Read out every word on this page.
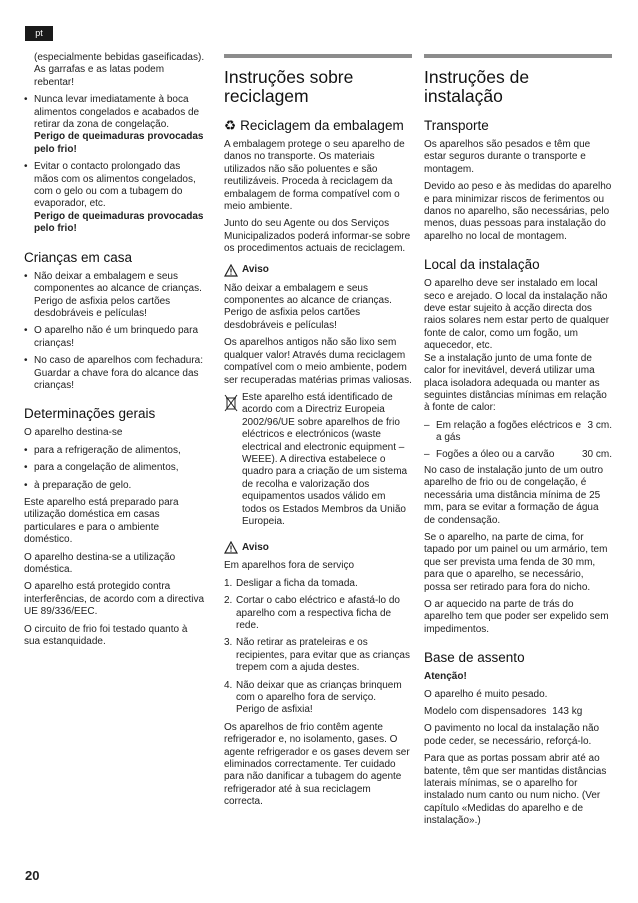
pt

(especialmente bebidas gaseificadas). As garrafas e as latas podem rebentar!

• Nunca levar imediatamente à boca alimentos congelados e acabados de retirar da zona de congelação.
Perigo de queimaduras provocadas pelo frio!
• Evitar o contacto prolongado das mãos com os alimentos congelados, com o gelo ou com a tubagem do evaporador, etc.
Perigo de queimaduras provocadas pelo frio!
Crianças em casa
• Não deixar a embalagem e seus componentes ao alcance de crianças.
Perigo de asfixia pelos cartões desdobráveis e películas!
• O aparelho não é um brinquedo para crianças!
• No caso de aparelhos com fechadura: Guardar a chave fora do alcance das crianças!
Determinações gerais

O aparelho destina-se

• para a refrigeração de alimentos,
• para a congelação de alimentos,
• à preparação de gelo.

Este aparelho está preparado para utilização doméstica em casas particulares e para o ambiente doméstico.

O aparelho destina-se a utilização doméstica.

O aparelho está protegido contra interferências, de acordo com a directiva UE 89/336/EEC.

O circuito de frio foi testado quanto à sua estanquidade.

Instruções sobre reciclagem
♻ Reciclagem da embalagem

A embalagem protege o seu aparelho de danos no transporte. Os materiais utilizados não são poluentes e são reutilizáveis. Proceda à reciclagem da embalagem de forma compatível com o meio ambiente.

Junto do seu Agente ou dos Serviços Municipalizados poderá informar-se sobre os procedimentos actuais de reciclagem.

Aviso

Não deixar a embalagem e seus componentes ao alcance de crianças. Perigo de asfixia pelos cartões desdobráveis e películas!

Os aparelhos antigos não são lixo sem qualquer valor! Através duma reciclagem compatível com o meio ambiente, podem ser recuperadas matérias primas valiosas.

Este aparelho está identificado de acordo com a Directriz Europeia 2002/96/UE sobre aparelhos de frio eléctricos e electrónicos (waste electrical and electronic equipment – WEEE). A directiva estabelece o quadro para a criação de um sistema de recolha e valorização dos equipamentos usados válido em todos os Estados Membros da União Europeia.

Aviso

Em aparelhos fora de serviço

1. Desligar a ficha da tomada.
2. Cortar o cabo eléctrico e afastá-lo do aparelho com a respectiva ficha de rede.
3. Não retirar as prateleiras e os recipientes, para evitar que as crianças trepem com a ajuda destes.
4. Não deixar que as crianças brinquem com o aparelho fora de serviço.
Perigo de asfixia!

Os aparelhos de frio contêm agente refrigerador e, no isolamento, gases. O agente refrigerador e os gases devem ser eliminados correctamente. Ter cuidado para não danificar a tubagem do agente refrigerador até à sua reciclagem correcta.

Instruções de instalação
Transporte

Os aparelhos são pesados e têm que estar seguros durante o transporte e montagem.

Devido ao peso e às medidas do aparelho e para minimizar riscos de ferimentos ou danos no aparelho, são necessárias, pelo menos, duas pessoas para instalação do aparelho no local de montagem.

Local da instalação

O aparelho deve ser instalado em local seco e arejado. O local da instalação não deve estar sujeito à acção directa dos raios solares nem estar perto de qualquer fonte de calor, como um fogão, um aquecedor, etc.
Se a instalação junto de uma fonte de calor for inevitável, deverá utilizar uma placa isoladora adequada ou manter as seguintes distâncias mínimas em relação à fonte de calor:

– Em relação a fogões eléctricos e a gás
3 cm.
– Fogões a óleo ou a carvão	30 cm.

No caso de instalação junto de um outro aparelho de frio ou de congelação, é necessária uma distância mínima de 25 mm, para se evitar a formação de água de condensação.

Se o aparelho, na parte de cima, for tapado por um painel ou um armário, tem que ser prevista uma fenda de 30 mm, para que o aparelho, se necessário, possa ser retirado para fora do nicho.

O ar aquecido na parte de trás do aparelho tem que poder ser expelido sem impedimentos.

Base de assento

Atenção!

O aparelho é muito pesado.

Modelo com dispensadores 143 kg

O pavimento no local da instalação não pode ceder, se necessário, reforçá-lo.

Para que as portas possam abrir até ao batente, têm que ser mantidas distâncias laterais mínimas, se o aparelho for instalado num canto ou num nicho. (Ver capítulo «Medidas do aparelho e de instalação».)

20
